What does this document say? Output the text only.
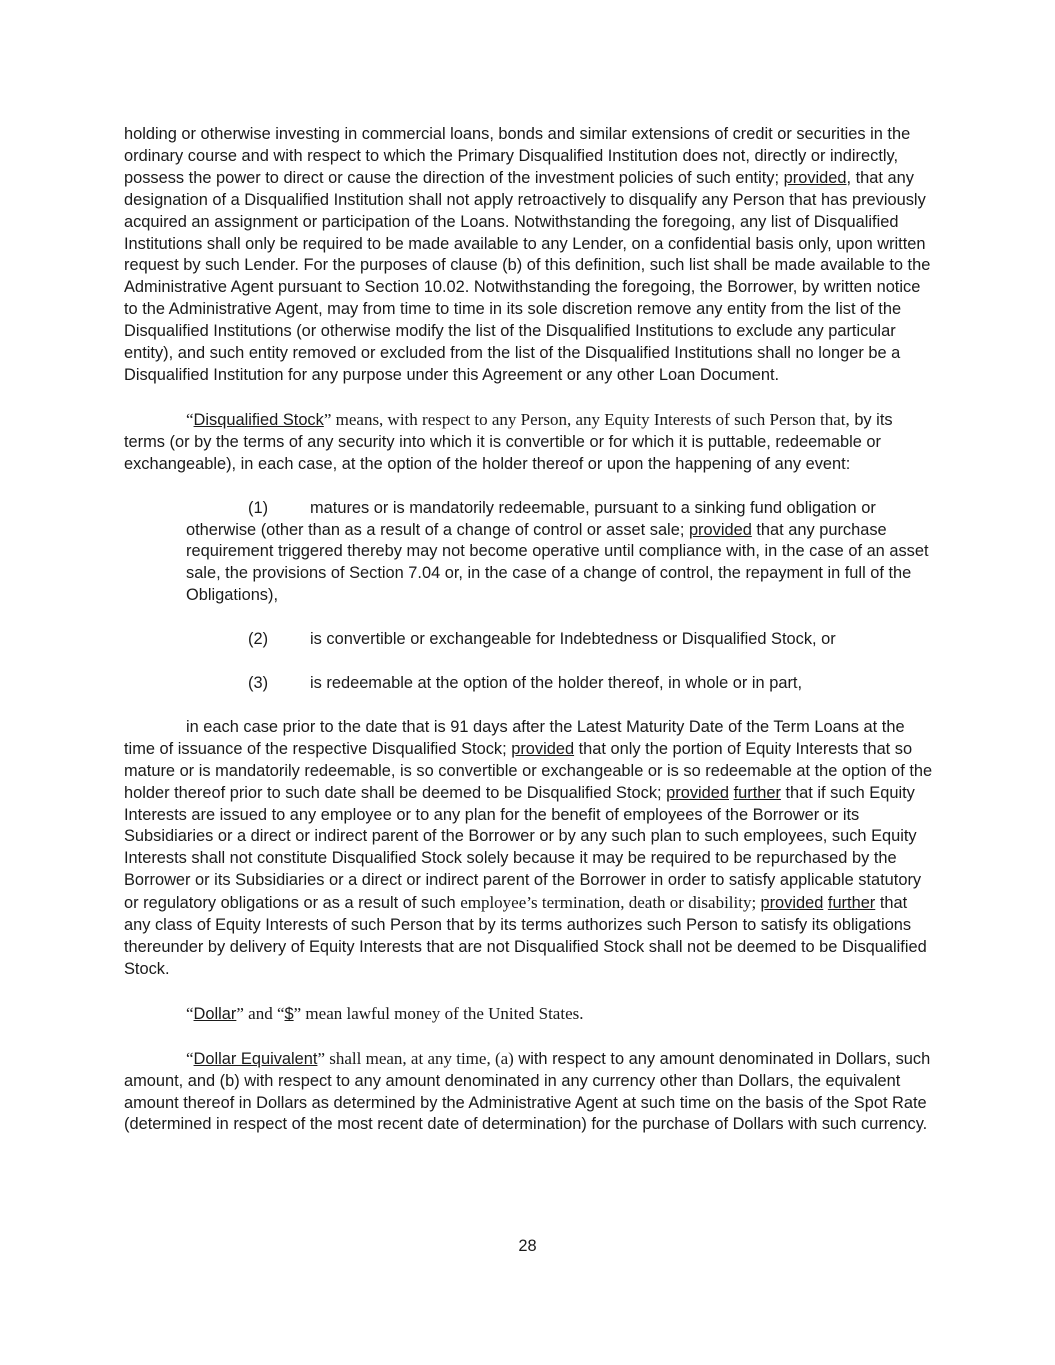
holding or otherwise investing in commercial loans, bonds and similar extensions of credit or securities in the ordinary course and with respect to which the Primary Disqualified Institution does not, directly or indirectly, possess the power to direct or cause the direction of the investment policies of such entity; provided, that any designation of a Disqualified Institution shall not apply retroactively to disqualify any Person that has previously acquired an assignment or participation of the Loans. Notwithstanding the foregoing, any list of Disqualified Institutions shall only be required to be made available to any Lender, on a confidential basis only, upon written request by such Lender. For the purposes of clause (b) of this definition, such list shall be made available to the Administrative Agent pursuant to Section 10.02. Notwithstanding the foregoing, the Borrower, by written notice to the Administrative Agent, may from time to time in its sole discretion remove any entity from the list of the Disqualified Institutions (or otherwise modify the list of the Disqualified Institutions to exclude any particular entity), and such entity removed or excluded from the list of the Disqualified Institutions shall no longer be a Disqualified Institution for any purpose under this Agreement or any other Loan Document.

“Disqualified Stock” means, with respect to any Person, any Equity Interests of such Person that, by its terms (or by the terms of any security into which it is convertible or for which it is puttable, redeemable or exchangeable), in each case, at the option of the holder thereof or upon the happening of any event:

(1)	matures or is mandatorily redeemable, pursuant to a sinking fund obligation or otherwise (other than as a result of a change of control or asset sale; provided that any purchase requirement triggered thereby may not become operative until compliance with, in the case of an asset sale, the provisions of Section 7.04 or, in the case of a change of control, the repayment in full of the Obligations),

(2)	is convertible or exchangeable for Indebtedness or Disqualified Stock, or

(3)	is redeemable at the option of the holder thereof, in whole or in part,

in each case prior to the date that is 91 days after the Latest Maturity Date of the Term Loans at the time of issuance of the respective Disqualified Stock; provided that only the portion of Equity Interests that so mature or is mandatorily redeemable, is so convertible or exchangeable or is so redeemable at the option of the holder thereof prior to such date shall be deemed to be Disqualified Stock; provided further that if such Equity Interests are issued to any employee or to any plan for the benefit of employees of the Borrower or its Subsidiaries or a direct or indirect parent of the Borrower or by any such plan to such employees, such Equity Interests shall not constitute Disqualified Stock solely because it may be required to be repurchased by the Borrower or its Subsidiaries or a direct or indirect parent of the Borrower in order to satisfy applicable statutory or regulatory obligations or as a result of such employee’s termination, death or disability; provided further that any class of Equity Interests of such Person that by its terms authorizes such Person to satisfy its obligations thereunder by delivery of Equity Interests that are not Disqualified Stock shall not be deemed to be Disqualified Stock.

“Dollar” and “$” mean lawful money of the United States.

“Dollar Equivalent” shall mean, at any time, (a) with respect to any amount denominated in Dollars, such amount, and (b) with respect to any amount denominated in any currency other than Dollars, the equivalent amount thereof in Dollars as determined by the Administrative Agent at such time on the basis of the Spot Rate (determined in respect of the most recent date of determination) for the purchase of Dollars with such currency.

28
